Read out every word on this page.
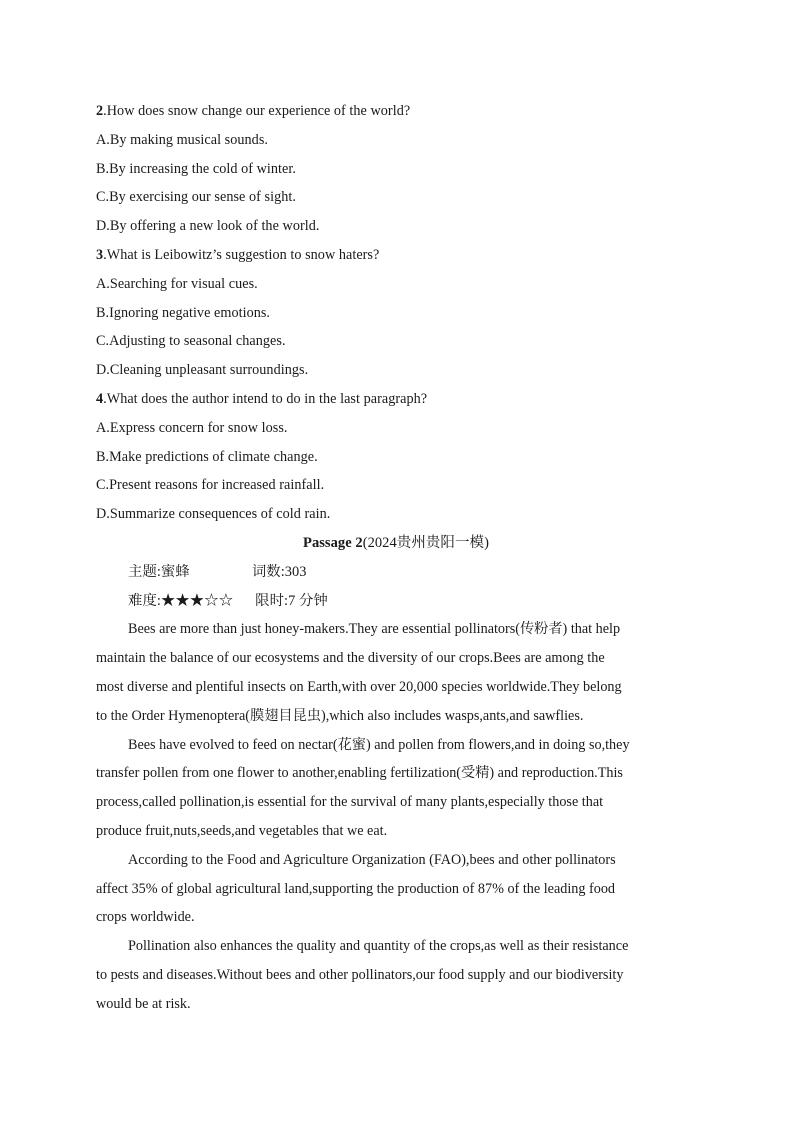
2.How does snow change our experience of the world?
A.By making musical sounds.
B.By increasing the cold of winter.
C.By exercising our sense of sight.
D.By offering a new look of the world.
3.What is Leibowitz’s suggestion to snow haters?
A.Searching for visual cues.
B.Ignoring negative emotions.
C.Adjusting to seasonal changes.
D.Cleaning unpleasant surroundings.
4.What does the author intend to do in the last paragraph?
A.Express concern for snow loss.
B.Make predictions of climate change.
C.Present reasons for increased rainfall.
D.Summarize consequences of cold rain.
Passage 2(2024贵州贵阳一模)
主题:蜜蜂	词数:303
难度:★★★☆☆ 限时:7 分钟
Bees are more than just honey-makers.They are essential pollinators(传粉者) that help
maintain the balance of our ecosystems and the diversity of our crops.Bees are among the
most diverse and plentiful insects on Earth,with over 20,000 species worldwide.They belong
to the Order Hymenoptera(膜翅目昆虫),which also includes wasps,ants,and sawflies.
Bees have evolved to feed on nectar(花蜜) and pollen from flowers,and in doing so,they
transfer pollen from one flower to another,enabling fertilization(受精) and reproduction.This
process,called pollination,is essential for the survival of many plants,especially those that
produce fruit,nuts,seeds,and vegetables that we eat.
According to the Food and Agriculture Organization (FAO),bees and other pollinators
affect 35% of global agricultural land,supporting the production of 87% of the leading food
crops worldwide.
Pollination also enhances the quality and quantity of the crops,as well as their resistance
to pests and diseases.Without bees and other pollinators,our food supply and our biodiversity
would be at risk.
